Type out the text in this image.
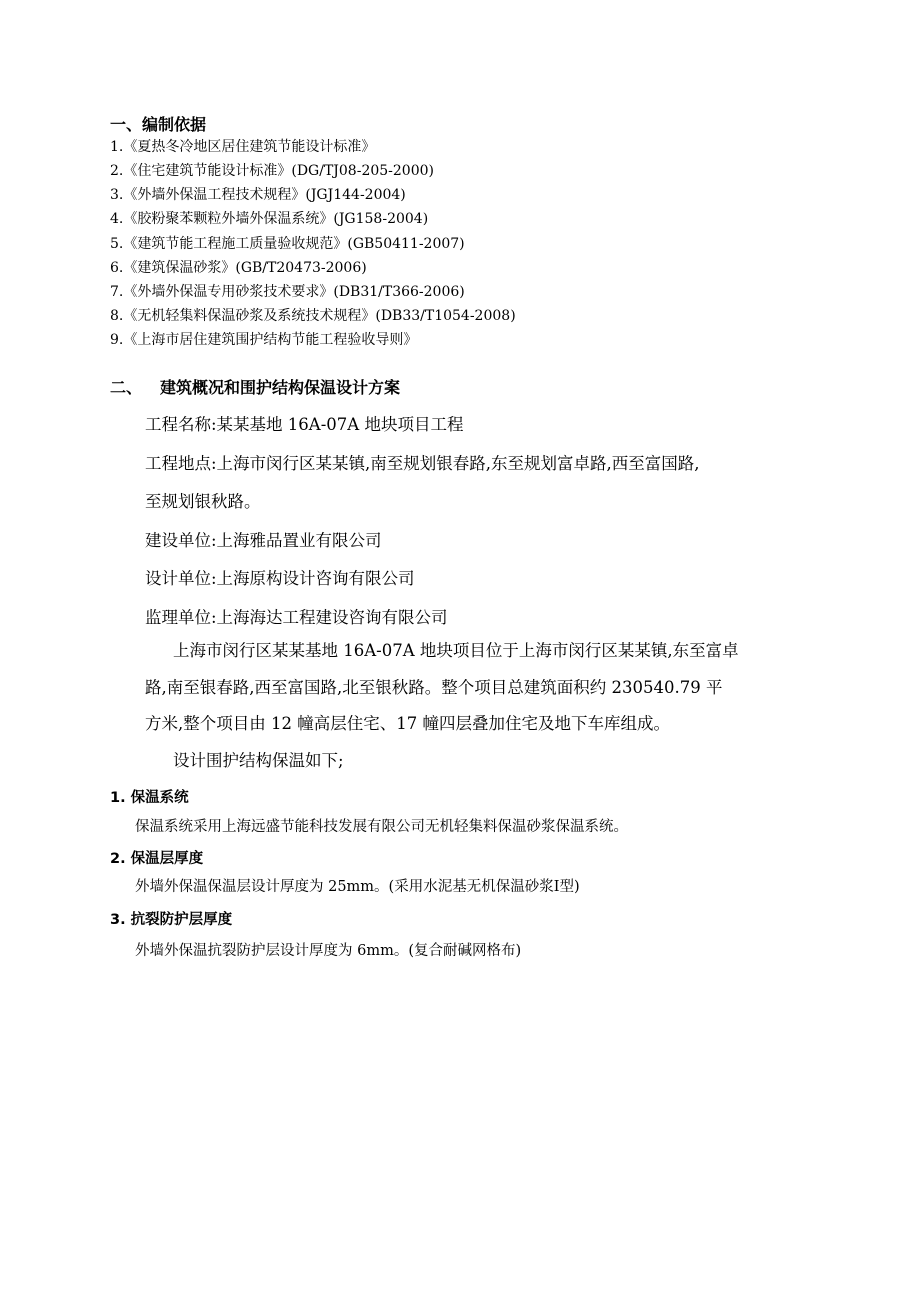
一、编制依据
1.《夏热冬冷地区居住建筑节能设计标准》
2.《住宅建筑节能设计标准》(DG/TJ08-205-2000)
3.《外墙外保温工程技术规程》(JGJ144-2004)
4.《胶粉聚苯颗粒外墙外保温系统》(JG158-2004)
5.《建筑节能工程施工质量验收规范》(GB50411-2007)
6.《建筑保温砂浆》(GB/T20473-2006)
7.《外墙外保温专用砂浆技术要求》(DB31/T366-2006)
8.《无机轻集料保温砂浆及系统技术规程》(DB33/T1054-2008)
9.《上海市居住建筑围护结构节能工程验收导则》
二、 建筑概况和围护结构保温设计方案
工程名称:某某基地 16A-07A 地块项目工程
工程地点:上海市闵行区某某镇,南至规划银春路,东至规划富卓路,西至富国路,
至规划银秋路。
建设单位:上海雅品置业有限公司
设计单位:上海原构设计咨询有限公司
监理单位:上海海达工程建设咨询有限公司
上海市闵行区某某基地 16A-07A 地块项目位于上海市闵行区某某镇,东至富卓
路,南至银春路,西至富国路,北至银秋路。整个项目总建筑面积约 230540.79 平
方米,整个项目由 12 幢高层住宅、17 幢四层叠加住宅及地下车库组成。
设计围护结构保温如下;
1. 保温系统
保温系统采用上海远盛节能科技发展有限公司无机轻集料保温砂浆保温系统。
2. 保温层厚度
外墙外保温保温层设计厚度为 25mm。(采用水泥基无机保温砂浆Ⅰ型)
3. 抗裂防护层厚度
外墙外保温抗裂防护层设计厚度为 6mm。(复合耐碱网格布)
